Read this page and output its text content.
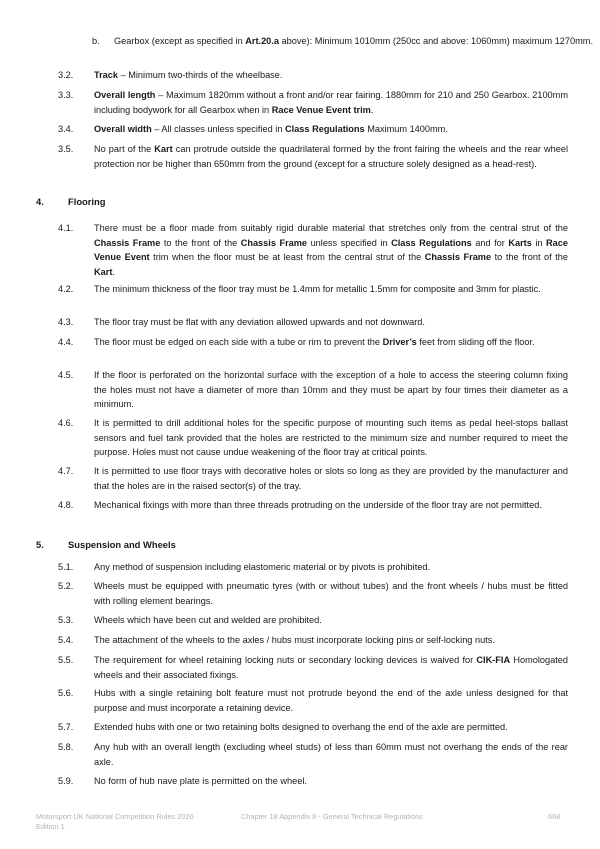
b. Gearbox (except as specified in Art.20.a above): Minimum 1010mm (250cc and above: 1060mm) maximum 1270mm.
3.2. Track – Minimum two-thirds of the wheelbase.
3.3. Overall length – Maximum 1820mm without a front and/or rear fairing. 1880mm for 210 and 250 Gearbox. 2100mm including bodywork for all Gearbox when in Race Venue Event trim.
3.4. Overall width – All classes unless specified in Class Regulations Maximum 1400mm.
3.5. No part of the Kart can protrude outside the quadrilateral formed by the front fairing the wheels and the rear wheel protection nor be higher than 650mm from the ground (except for a structure solely designed as a head-rest).
4.	Flooring
4.1. There must be a floor made from suitably rigid durable material that stretches only from the central strut of the Chassis Frame to the front of the Chassis Frame unless specified in Class Regulations and for Karts in Race Venue Event trim when the floor must be at least from the central strut of the Chassis Frame to the front of the Kart.
4.2. The minimum thickness of the floor tray must be 1.4mm for metallic 1.5mm for composite and 3mm for plastic.
4.3. The floor tray must be flat with any deviation allowed upwards and not downward.
4.4. The floor must be edged on each side with a tube or rim to prevent the Driver’s feet from sliding off the floor.
4.5. If the floor is perforated on the horizontal surface with the exception of a hole to access the steering column fixing the holes must not have a diameter of more than 10mm and they must be apart by four times their diameter as a minimum.
4.6. It is permitted to drill additional holes for the specific purpose of mounting such items as pedal heel-stops ballast sensors and fuel tank provided that the holes are restricted to the minimum size and number required to meet the purpose. Holes must not cause undue weakening of the floor tray at critical points.
4.7. It is permitted to use floor trays with decorative holes or slots so long as they are provided by the manufacturer and that the holes are in the raised sector(s) of the tray.
4.8. Mechanical fixings with more than three threads protruding on the underside of the floor tray are not permitted.
5.	Suspension and Wheels
5.1. Any method of suspension including elastomeric material or by pivots is prohibited.
5.2. Wheels must be equipped with pneumatic tyres (with or without tubes) and the front wheels / hubs must be fitted with rolling element bearings.
5.3. Wheels which have been cut and welded are prohibited.
5.4. The attachment of the wheels to the axles / hubs must incorporate locking pins or self-locking nuts.
5.5. The requirement for wheel retaining locking nuts or secondary locking devices is waived for CIK-FIA Homologated wheels and their associated fixings.
5.6. Hubs with a single retaining bolt feature must not protrude beyond the end of the axle unless designed for that purpose and must incorporate a retaining device.
5.7. Extended hubs with one or two retaining bolts designed to overhang the end of the axle are permitted.
5.8. Any hub with an overall length (excluding wheel studs) of less than 60mm must not overhang the ends of the rear axle.
5.9. No form of hub nave plate is permitted on the wheel.
Motorsport UK National Competition Rules 2026
Edition 1
Chapter 18 Appendix 8 - General Technical Regulations	668
